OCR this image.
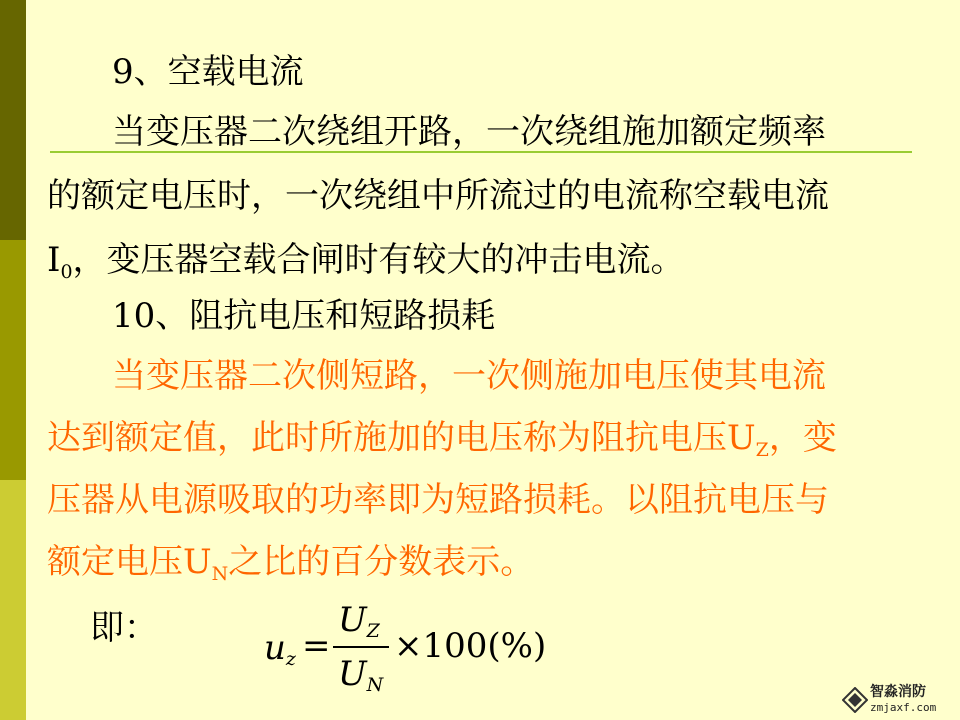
9、空载电流
当变压器二次绕组开路，一次绕组施加额定频率
的额定电压时，一次绕组中所流过的电流称空载电流
$I_0$，变压器空载合闸时有较大的冲击电流。
10、阻抗电压和短路损耗
当变压器二次侧短路，一次侧施加电压使其电流
达到额定值，此时所施加的电压称为阻抗电压$U_Z$，变
压器从电源吸取的功率即为短路损耗。以阻抗电压与
额定电压$U_N$之比的百分数表示。
即：	$u_z$ =
$U_Z$
$U_N$
×100(%)
智淼消防
zmjaxf.com
